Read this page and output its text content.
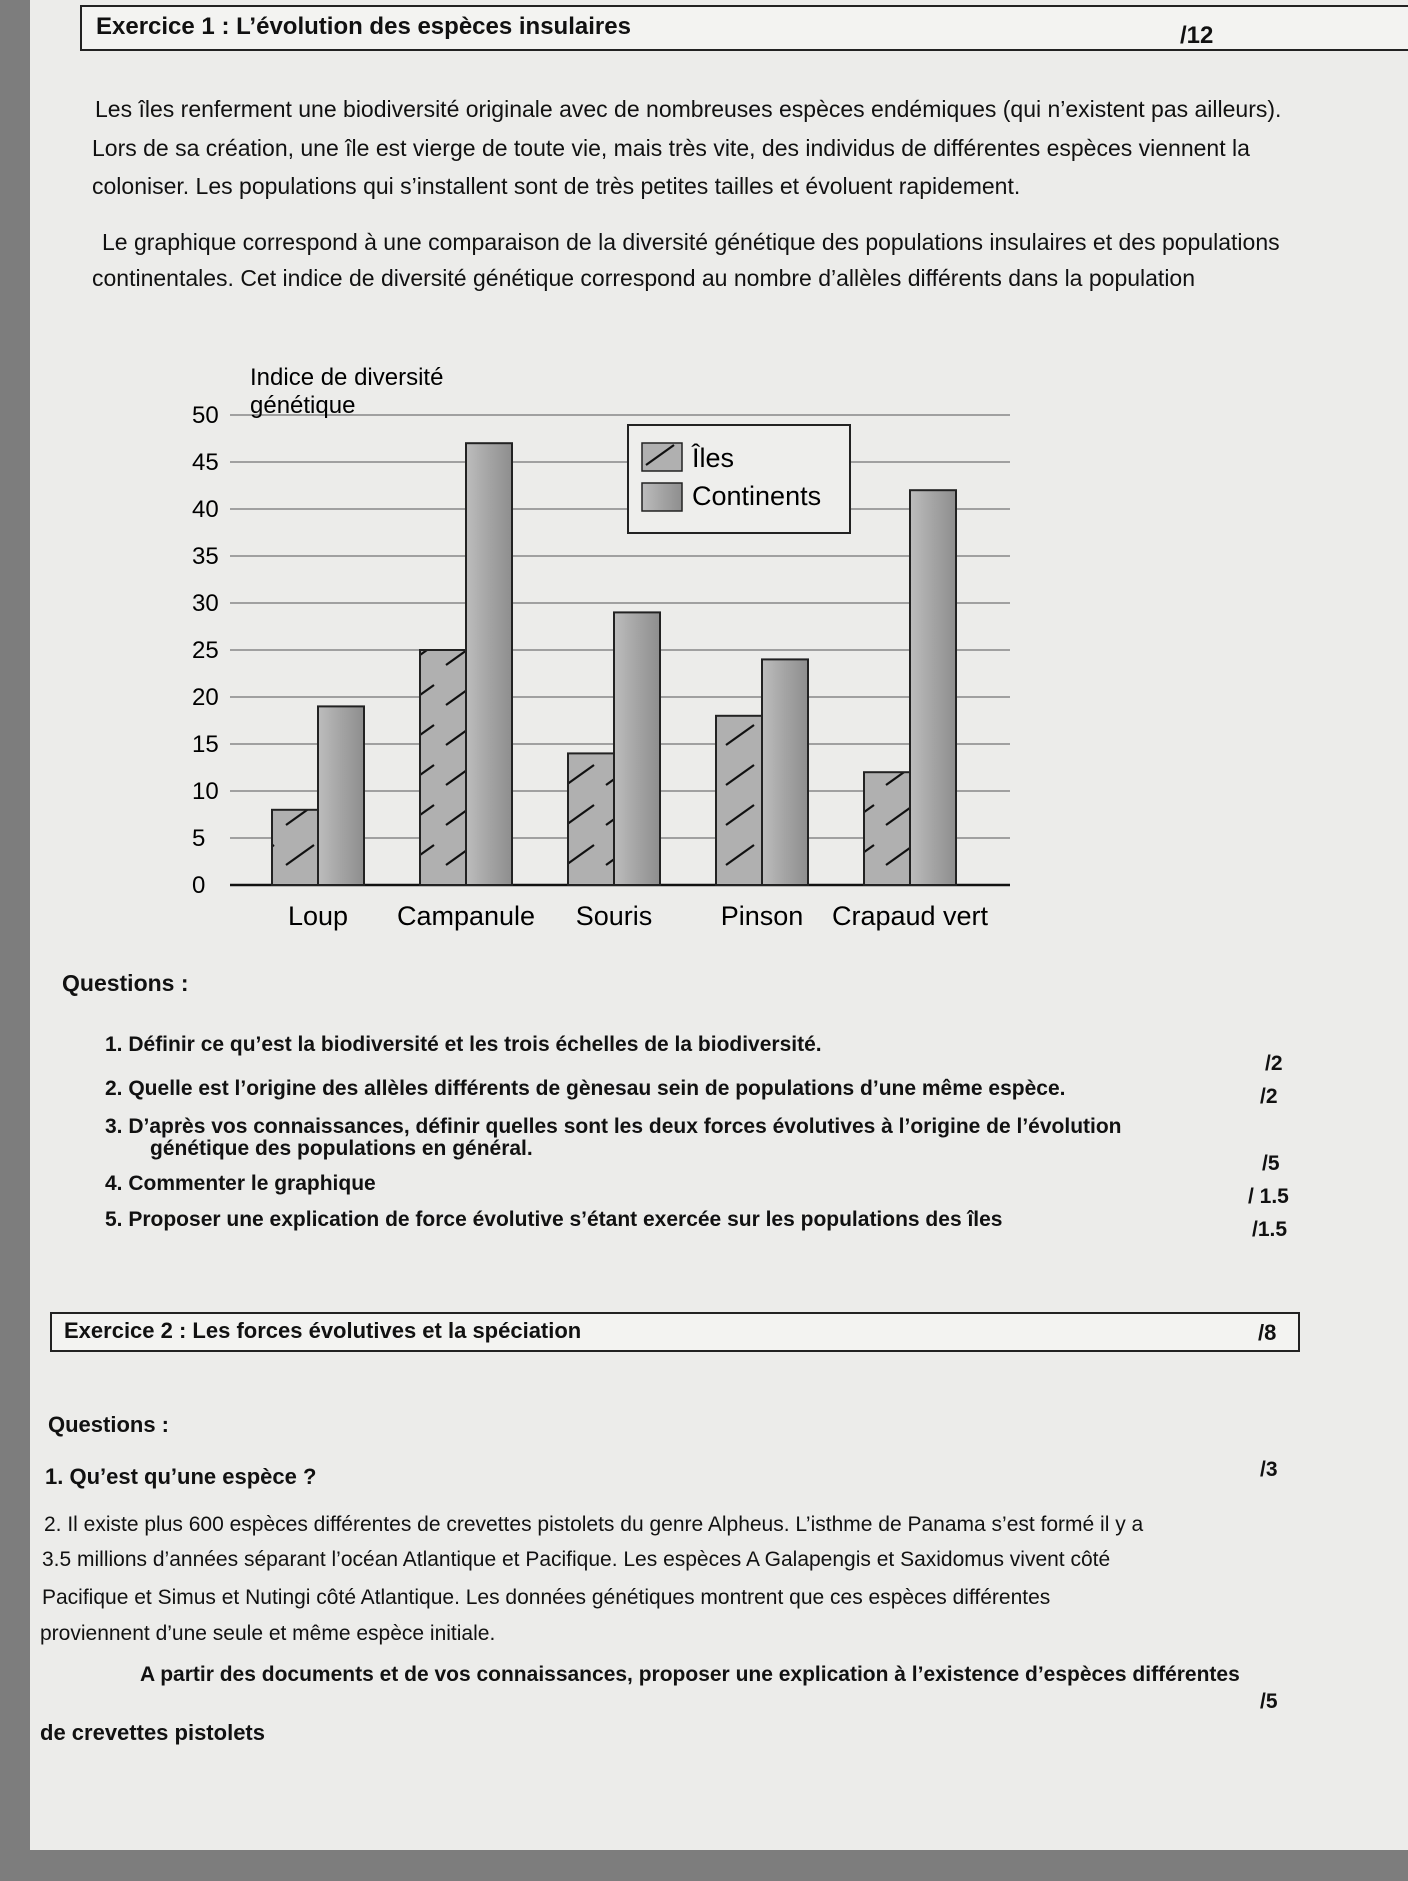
Exercice 1 : L’évolution des espèces insulaires	/12
Les îles renferment une biodiversité originale avec de nombreuses espèces endémiques (qui n’existent pas ailleurs).
Lors de sa création, une île est vierge de toute vie, mais très vite, des individus de différentes espèces viennent la
coloniser. Les populations qui s’installent sont de très petites tailles et évoluent rapidement.
Le graphique correspond à une comparaison de la diversité génétique des populations insulaires et des populations
continentales. Cet indice de diversité génétique correspond au nombre d’allèles différents dans la population
0
5
10
15
20
25
30
35
40
45
50
Loup Campanule Souris	Pinson Crapaud vert
Indice de diversité
génétique
Îles
Continents
Questions :
1. Définir ce qu’est la biodiversité et les trois échelles de la biodiversité.
/2
2. Quelle est l’origine des allèles différents de gènesau sein de populations d’une même espèce.	/2
3. D’après vos connaissances, définir quelles sont les deux forces évolutives à l’origine de l’évolution
génétique des populations en général.
/5
4. Commenter le graphique
/ 1.5
5. Proposer une explication de force évolutive s’étant exercée sur les populations des îles	/1.5
Exercice 2 : Les forces évolutives et la spéciation	/8
Questions :
1. Qu’est qu’une espèce ?	/3
2. Il existe plus 600 espèces différentes de crevettes pistolets du genre Alpheus. L’isthme de Panama s’est formé il y a
3.5 millions d’années séparant l’océan Atlantique et Pacifique. Les espèces A Galapengis et Saxidomus vivent côté
Pacifique et Simus et Nutingi côté Atlantique. Les données génétiques montrent que ces espèces différentes
proviennent d’une seule et même espèce initiale.
A partir des documents et de vos connaissances, proposer une explication à l’existence d’espèces différentes
/5
de crevettes pistolets
